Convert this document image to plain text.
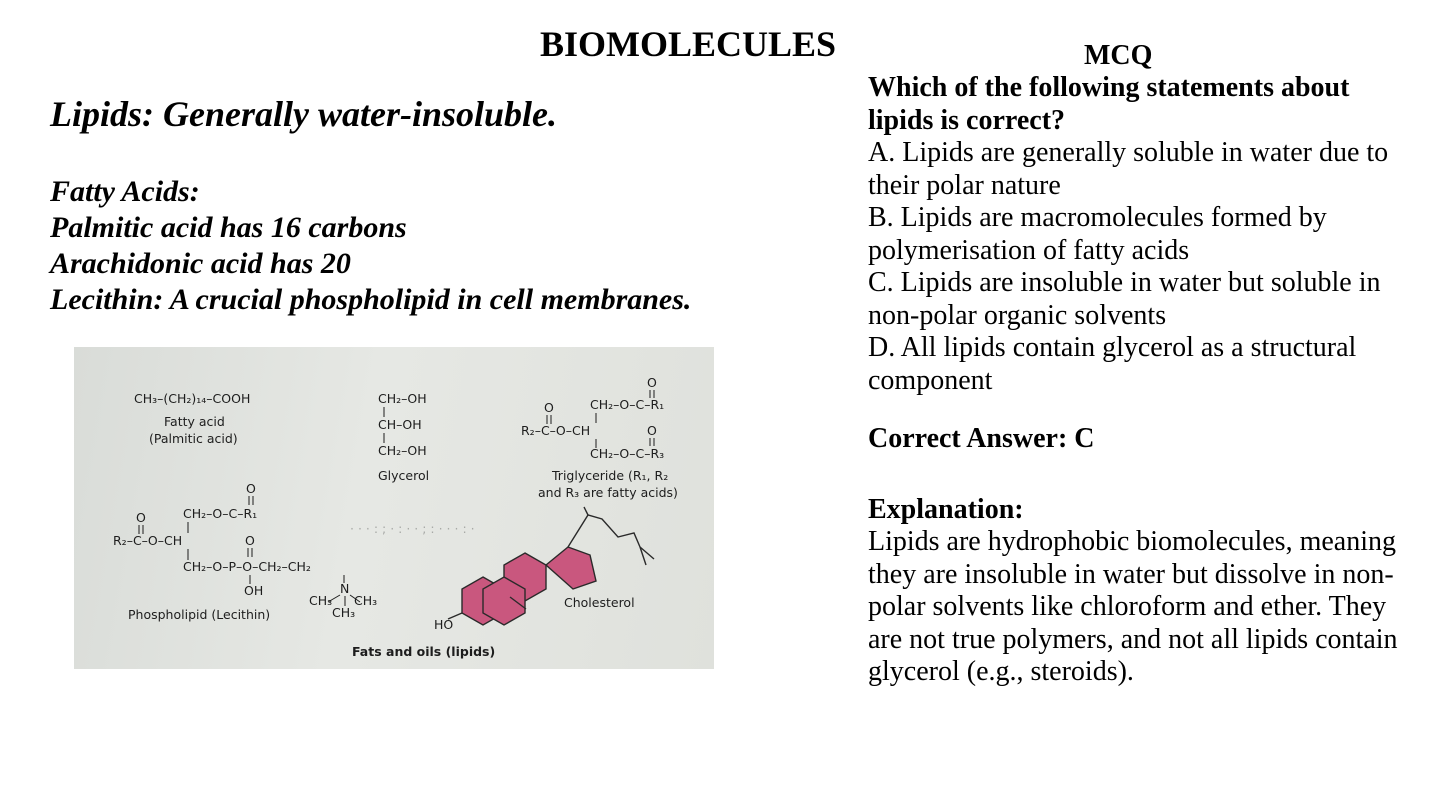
BIOMOLECULES
Lipids: Generally water-insoluble.
Fatty Acids:
Palmitic acid has 16 carbons
Arachidonic acid has 20
Lecithin: A crucial phospholipid in cell membranes.
CH₃–(CH₂)₁₄–COOH
Fatty acid
(Palmitic acid)
CH₂–OH
CH–OH
CH₂–OH
Glycerol
O
CH₂–O–C–R₁
O
R₂–C–O–CH	O
CH₂–O–C–R₃
Triglyceride (R₁, R₂
and R₃ are fatty acids)
· · · : ; · : · · ; : · · · : ·
O
CH₂–O–C–R₁
O
R₂–C–O–CH	O
CH₂–O–P–O–CH₂–CH₂
OH	N
CH₃ CH₃
CH₃
Phospholipid (Lecithin)
HO
Cholesterol
Fats and oils (lipids)
MCQ
Which of the following statements about lipids is correct?
A. Lipids are generally soluble in water due to their polar nature
B. Lipids are macromolecules formed by polymerisation of fatty acids
C. Lipids are insoluble in water but soluble in non-polar organic solvents
D. All lipids contain glycerol as a structural component
Correct Answer: C
Explanation:
Lipids are hydrophobic biomolecules, meaning they are insoluble in water but dissolve in non-polar solvents like chloroform and ether. They are not true polymers, and not all lipids contain glycerol (e.g., steroids).
